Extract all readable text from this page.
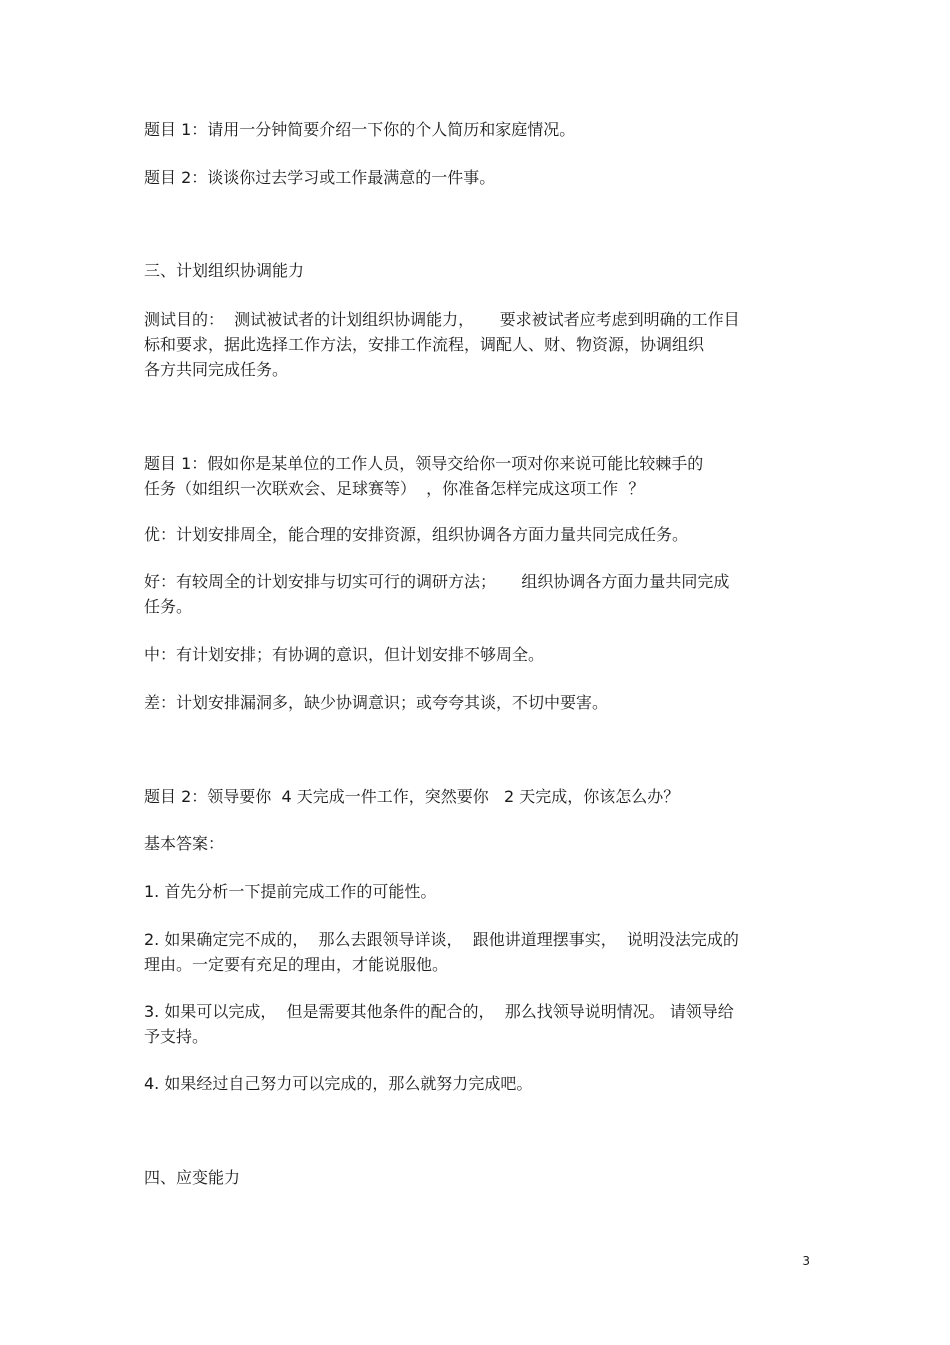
题目 1：请用一分钟简要介绍一下你的个人简历和家庭情况。

题目 2：谈谈你过去学习或工作最满意的一件事。

三、计划组织协调能力

测试目的：  测试被试者的计划组织协调能力，     要求被试者应考虑到明确的工作目

标和要求，据此选择工作方法，安排工作流程，调配人、财、物资源，协调组织

各方共同完成任务。

题目 1：假如你是某单位的工作人员，领导交给你一项对你来说可能比较棘手的

任务（如组织一次联欢会、足球赛等）  ，你准备怎样完成这项工作  ？

优：计划安排周全，能合理的安排资源，组织协调各方面力量共同完成任务。

好：有较周全的计划安排与切实可行的调研方法；     组织协调各方面力量共同完成

任务。

中：有计划安排；有协调的意识，但计划安排不够周全。

差：计划安排漏洞多，缺少协调意识；或夸夸其谈，不切中要害。

题目 2：领导要你  4 天完成一件工作，突然要你   2 天完成，你该怎么办？

基本答案：

1. 首先分析一下提前完成工作的可能性。

2. 如果确定完不成的，  那么去跟领导详谈，  跟他讲道理摆事实，  说明没法完成的

理由。一定要有充足的理由，才能说服他。

3. 如果可以完成，  但是需要其他条件的配合的，  那么找领导说明情况。 请领导给

予支持。

4. 如果经过自己努力可以完成的，那么就努力完成吧。

四、应变能力

3
